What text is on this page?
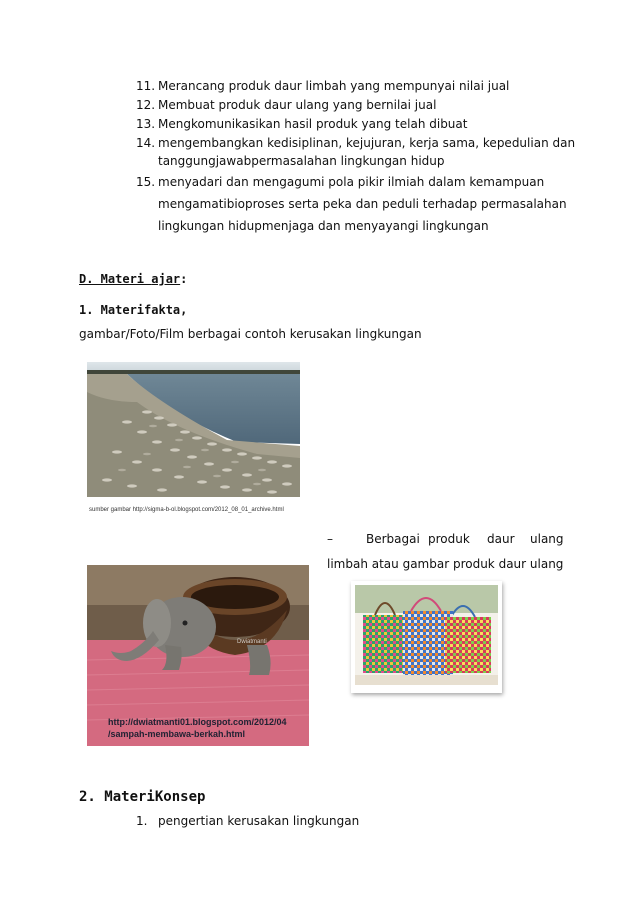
11. Merancang produk daur limbah yang mempunyai nilai jual
12. Membuat produk daur ulang yang bernilai jual
13. Mengkomunikasikan hasil produk yang telah dibuat
14. mengembangkan kedisiplinan, kejujuran, kerja sama, kepedulian dan
tanggungjawabpermasalahan lingkungan hidup
15. menyadari dan mengagumi pola pikir ilmiah dalam kemampuan
mengamatibioproses serta peka dan peduli terhadap permasalahan
lingkungan hidupmenjaga dan menyayangi lingkungan
D. Materi ajar:
1. Materifakta,
gambar/Foto/Film berbagai contoh kerusakan lingkungan
sumber gambar http://sigma-b-ol.blogspot.com/2012_08_01_archive.html
–	Berbagai produk daur ulang
limbah atau gambar produk daur ulang
Dwiatmanti
http://dwiatmanti01.blogspot.com/2012/04
/sampah-membawa-berkah.html
2. MateriKonsep
1. pengertian kerusakan lingkungan
